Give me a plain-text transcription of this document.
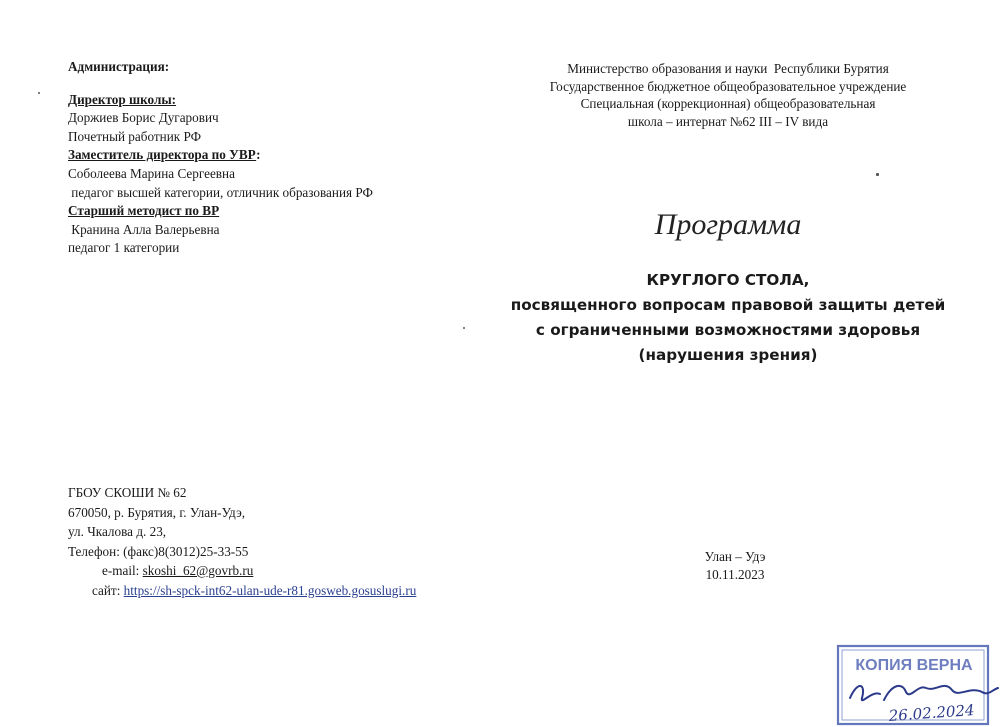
Администрация:
Директор школы:
Доржиев Борис Дугарович
Почетный работник РФ
Заместитель директора по УВР:
Соболеева Марина Сергеевна
педагог высшей категории, отличник образования РФ
Старший методист по ВР
Кранина Алла Валерьевна
педагог 1 категории
Министерство образования и науки  Республики Бурятия
Государственное бюджетное общеобразовательное учреждение
Специальная (коррекционная) общеобразовательная
школа – интернат №62 III – IV вида
Программа
КРУГЛОГО СТОЛА,
посвященного вопросам правовой защиты детей
с ограниченными возможностями здоровья
(нарушения зрения)
ГБОУ СКОШИ № 62
670050, р. Бурятия, г. Улан-Удэ,
ул. Чкалова д. 23,
Телефон: (факс)8(3012)25-33-55
e-mail: skoshi_62@govrb.ru
сайт: https://sh-spck-int62-ulan-ude-r81.gosweb.gosuslugi.ru
Улан – Удэ
10.11.2023
КОПИЯ ВЕРНА
26.02.2024
